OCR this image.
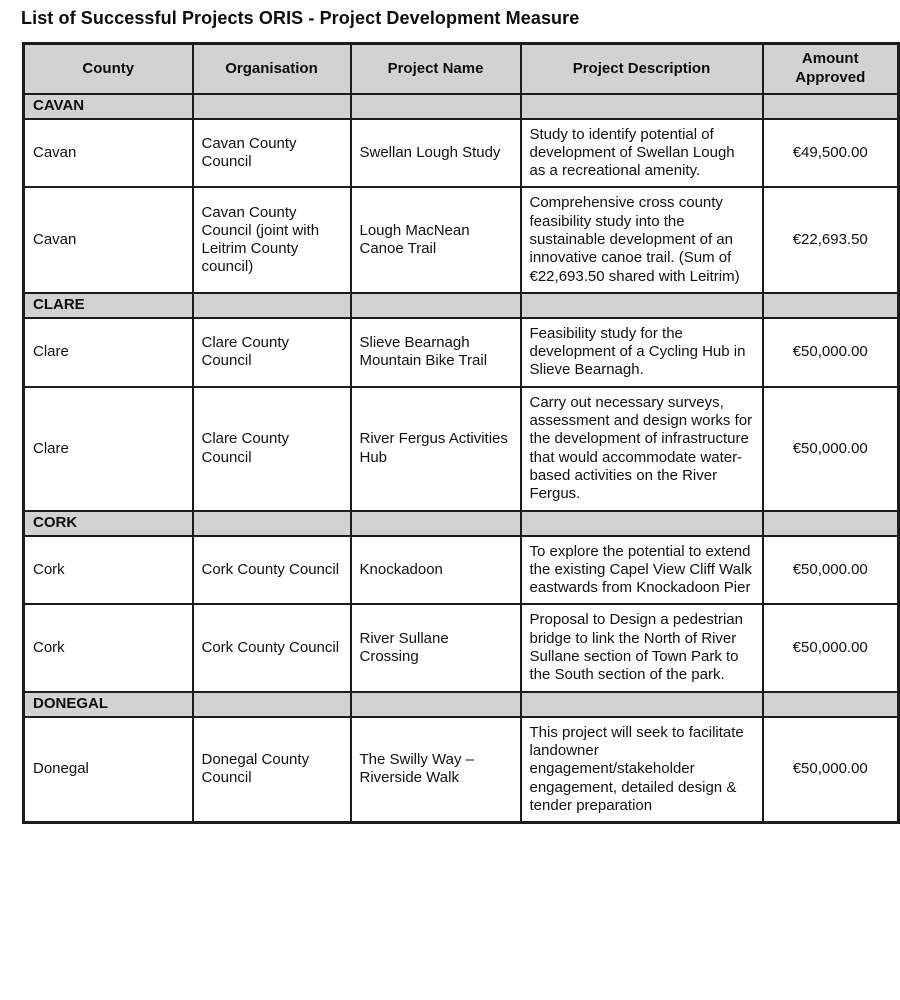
List of Successful Projects ORIS - Project Development Measure
County	Organisation	Project Name	Project Description	Amount Approved
CAVAN				
Cavan	Cavan County Council	Swellan Lough Study	Study to identify potential of development of Swellan Lough as a recreational amenity.	€49,500.00
Cavan	Cavan County Council (joint with Leitrim County council)	Lough MacNean Canoe Trail	Comprehensive cross county feasibility study into the sustainable development of an innovative canoe trail. (Sum of €22,693.50 shared with Leitrim)	€22,693.50
CLARE				
Clare	Clare County Council	Slieve Bearnagh Mountain Bike Trail	Feasibility study for the development of a Cycling Hub in Slieve Bearnagh.	€50,000.00
Clare	Clare County Council	River Fergus Activities Hub	Carry out necessary surveys, assessment and design works for the development of infrastructure that would accommodate water-based activities on the River Fergus.	€50,000.00
CORK				
Cork	Cork County Council	Knockadoon	To explore the potential to extend the existing Capel View Cliff Walk eastwards from Knockadoon Pier	€50,000.00
Cork	Cork County Council	River Sullane Crossing	Proposal to Design a pedestrian bridge to link the North of River Sullane section of Town Park to the South section of the park.	€50,000.00
DONEGAL				
Donegal	Donegal County Council	The Swilly Way – Riverside Walk	This project will seek to facilitate landowner engagement/stakeholder engagement, detailed design & tender preparation	€50,000.00
